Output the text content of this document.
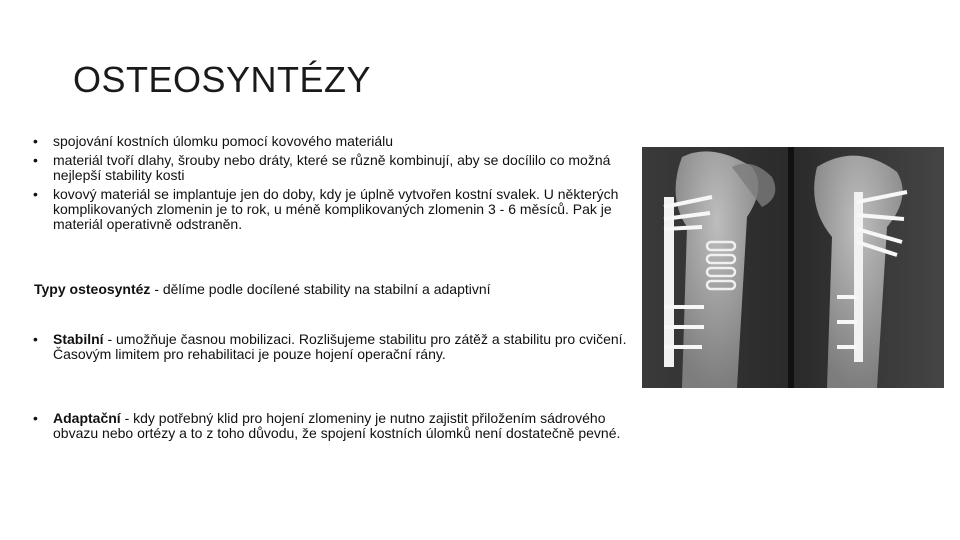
OSTEOSYNTÉZY
• spojování kostních úlomku pomocí kovového materiálu
• materiál tvoří dlahy, šrouby nebo dráty, které se různě kombinují, aby se docílilo co možná nejlepší stability kosti
• kovový materiál se implantuje jen do doby, kdy je úplně vytvořen kostní svalek. U některých komplikovaných zlomenin je to rok, u méně komplikovaných zlomenin 3 - 6 měsíců. Pak je materiál operativně odstraněn.
Typy osteosyntéz - dělíme podle docílené stability na stabilní a adaptivní
• Stabilní - umožňuje časnou mobilizaci. Rozlišujeme stabilitu pro zátěž a stabilitu pro cvičení. Časovým limitem pro rehabilitaci je pouze hojení operační rány.
• Adaptační - kdy potřebný klid pro hojení zlomeniny je nutno zajistit přiložením sádrového obvazu nebo ortézy a to z toho důvodu, že spojení kostních úlomků není dostatečně pevné.
